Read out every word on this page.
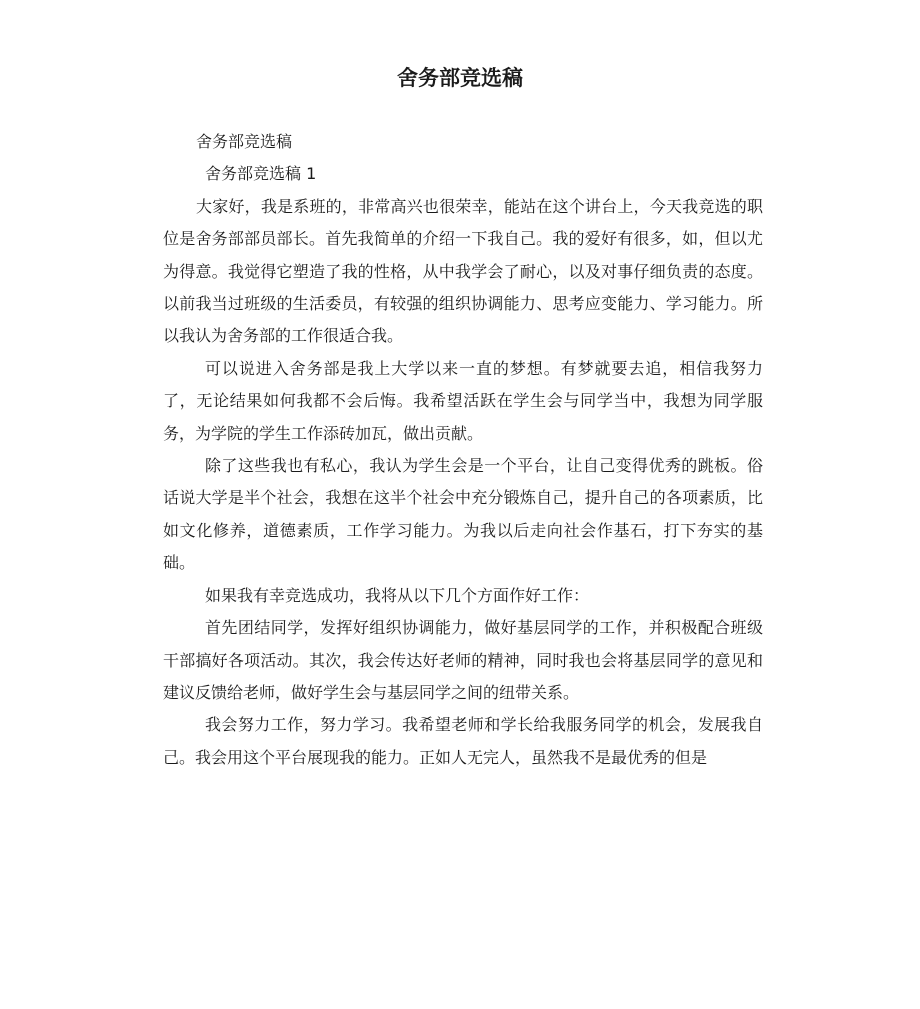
舍务部竞选稿

舍务部竞选稿

舍务部竞选稿 1

大家好，我是系班的，非常高兴也很荣幸，能站在这个讲台上，今天我竞选的职位是舍务部部员部长。首先我简单的介绍一下我自己。我的爱好有很多，如，但以尤为得意。我觉得它塑造了我的性格，从中我学会了耐心，以及对事仔细负责的态度。以前我当过班级的生活委员，有较强的组织协调能力、思考应变能力、学习能力。所以我认为舍务部的工作很适合我。

可以说进入舍务部是我上大学以来一直的梦想。有梦就要去追，相信我努力了，无论结果如何我都不会后悔。我希望活跃在学生会与同学当中，我想为同学服务，为学院的学生工作添砖加瓦，做出贡献。

除了这些我也有私心，我认为学生会是一个平台，让自己变得优秀的跳板。俗话说大学是半个社会，我想在这半个社会中充分锻炼自己，提升自己的各项素质，比如文化修养，道德素质，工作学习能力。为我以后走向社会作基石，打下夯实的基础。

如果我有幸竞选成功，我将从以下几个方面作好工作：

首先团结同学，发挥好组织协调能力，做好基层同学的工作，并积极配合班级干部搞好各项活动。其次，我会传达好老师的精神，同时我也会将基层同学的意见和建议反馈给老师，做好学生会与基层同学之间的纽带关系。

我会努力工作，努力学习。我希望老师和学长给我服务同学的机会，发展我自己。我会用这个平台展现我的能力。正如人无完人，虽然我不是最优秀的但是
